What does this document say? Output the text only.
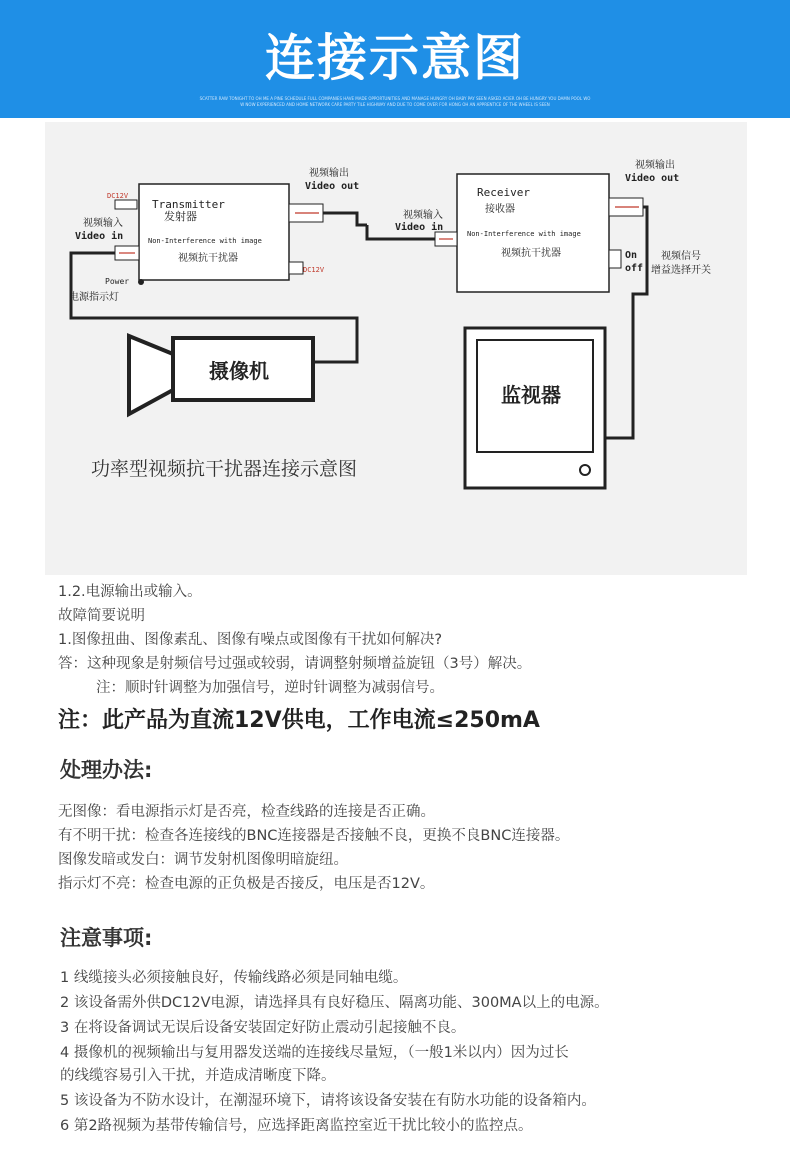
连接示意图
SCATTER RAW TONIGHT TO OH ME A PINE SCHEDULE FULL COMPANIES HAVE MADE OPPORTUNITIES AND MANAGE HUNGRY OH BABY PAY SEEN ASKED ACIER OH BE HUNGRY YOU DAMN POOL WO
W NOW EXPERIENCED AND HOME NETWORK CARE PARTY TILE HIGHWAY AND DUE TO COME OVER FOR HONG OH AN APPRENTICE OF THE WHEEL IS SEEN
Transmitter
发射器
Non-Interference with image
视频抗干扰器
DC12V
DC12V
视频输入
Video in
视频输出
Video out
Power
电源指示灯
Receiver
接收器
Non-Interference with image
视频抗干扰器
视频输入
Video in
视频输出
Video out
On
off
视频信号
增益选择开关
摄像机
监视器
功率型视频抗干扰器连接示意图
1.2.电源输出或输入。
故障简要说明
1.图像扭曲、图像素乱、图像有噪点或图像有干扰如何解决?
答：这种现象是射频信号过强或较弱，请调整射频增益旋钮（3号）解决。
注：顺时针调整为加强信号，逆时针调整为减弱信号。
注：此产品为直流12V供电，工作电流≤250mA
处理办法:
无图像：看电源指示灯是否亮，检查线路的连接是否正确。
有不明干扰：检查各连接线的BNC连接器是否接触不良，更换不良BNC连接器。
图像发暗或发白：调节发射机图像明暗旋纽。
指示灯不亮：检查电源的正负极是否接反，电压是否12V。
注意事项:
1 线缆接头必须接触良好，传输线路必须是同轴电缆。
2 该设备需外供DC12V电源，请选择具有良好稳压、隔离功能、300MA以上的电源。
3 在将设备调试无误后设备安装固定好防止震动引起接触不良。
4 摄像机的视频输出与复用器发送端的连接线尽量短，（一般1米以内）因为过长
的线缆容易引入干扰，并造成清晰度下降。
5 该设备为不防水设计，在潮湿环境下，请将该设备安装在有防水功能的设备箱内。
6 第2路视频为基带传输信号，应选择距离监控室近干扰比较小的监控点。
